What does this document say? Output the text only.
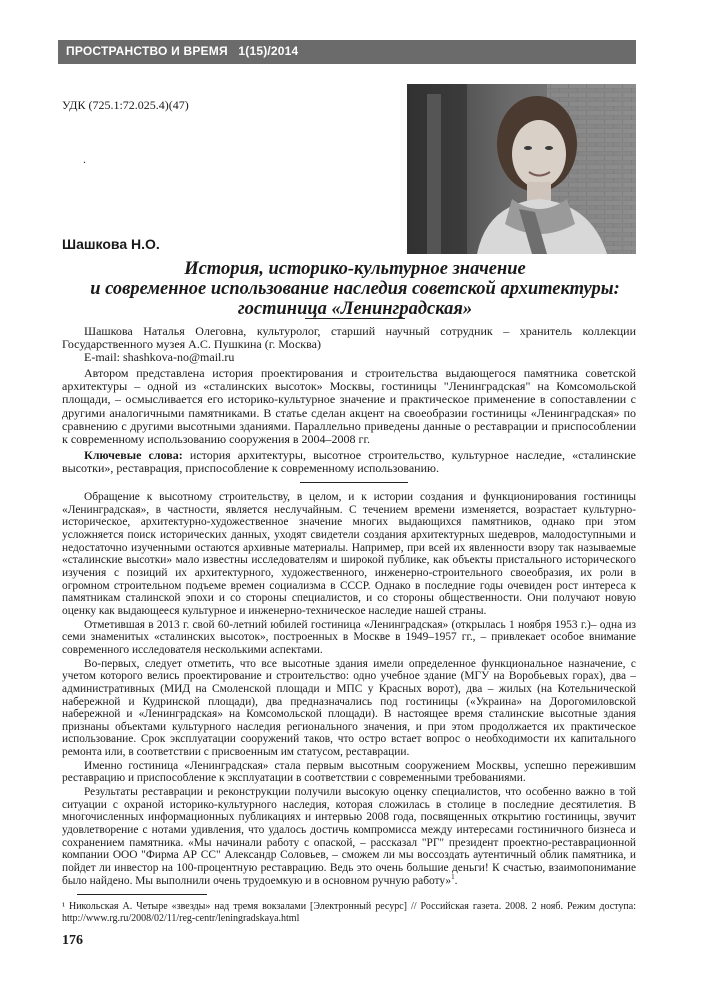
ПРОСТРАНСТВО И ВРЕМЯ   1(15)/2014
УДК (725.1:72.025.4)(47)
.
Шашкова Н.О.
История, историко-культурное значение
и современное использование наследия советской архитектуры:
гостиница «Ленинградская»

Шашкова Наталья Олеговна, культуролог, старший научный сотрудник – хранитель коллекции Государственного музея А.С. Пушкина (г. Москва)

E-mail: shashkova-no@mail.ru

Автором представлена история проектирования и строительства выдающегося памятника советской архитектуры – одной из «сталинских высоток» Москвы, гостиницы "Ленинградская" на Комсомольской площади, – осмысливается его историко-культурное значение и практическое применение в сопоставлении с другими аналогичными памятниками. В статье сделан акцент на своеобразии гостиницы «Ленинградская» по сравнению с другими высотными зданиями. Параллельно приведены данные о реставрации и приспособлении к современному использованию сооружения в 2004–2008 гг.

Ключевые слова: история архитектуры, высотное строительство, культурное наследие, «сталинские высотки», реставрация, приспособление к современному использованию.

Обращение к высотному строительству, в целом, и к истории создания и функционирования гостиницы «Ленинградская», в частности, является неслучайным. С течением времени изменяется, возрастает культурно-историческое, архитектурно-художественное значение многих выдающихся памятников, однако при этом усложняется поиск исторических данных, уходят свидетели создания архитектурных шедевров, малодоступными и недостаточно изученными остаются архивные материалы. Например, при всей их явленности взору так называемые «сталинские высотки» мало известны исследователям и широкой публике, как объекты пристального исторического изучения с позиций их архитектурного, художественного, инженерно-строительного своеобразия, их роли в огромном строительном подъеме времен социализма в СССР. Однако в последние годы очевиден рост интереса к памятникам сталинской эпохи и со стороны специалистов, и со стороны общественности. Они получают новую оценку как выдающееся культурное и инженерно-техническое наследие нашей страны.

Отметившая в 2013 г. свой 60-летний юбилей гостиница «Ленинградская» (открылась 1 ноября 1953 г.)– одна из семи знаменитых «сталинских высоток», построенных в Москве в 1949–1957 гг., – привлекает особое внимание современного исследователя несколькими аспектами.

Во-первых, следует отметить, что все высотные здания имели определенное функциональное назначение, с учетом которого велись проектирование и строительство: одно учебное здание (МГУ на Воробьевых горах), два – административных (МИД на Смоленской площади и МПС у Красных ворот), два – жилых (на Котельнической набережной и Кудринской площади), два предназначались под гостиницы («Украина» на Дорогомиловской набережной и «Ленинградская» на Комсомольской площади). В настоящее время сталинские высотные здания признаны объектами культурного наследия регионального значения, и при этом продолжается их практическое использование. Срок эксплуатации сооружений таков, что остро встает вопрос о необходимости их капитального ремонта или, в соответствии с присвоенным им статусом, реставрации.

Именно гостиница «Ленинградская» стала первым высотным сооружением Москвы, успешно пережившим реставрацию и приспособление к эксплуатации в соответствии с современными требованиями.

Результаты реставрации и реконструкции получили высокую оценку специалистов, что особенно важно в той ситуации с охраной историко-культурного наследия, которая сложилась в столице в последние десятилетия. В многочисленных информационных публикациях и интервью 2008 года, посвященных открытию гостиницы, звучит удовлетворение с нотами удивления, что удалось достичь компромисса между интересами гостиничного бизнеса и сохранением памятника. «Мы начинали работу с опаской, – рассказал "РГ" президент проектно-реставрационной компании ООО "Фирма АР СС" Александр Соловьев, – сможем ли мы воссоздать аутентичный облик памятника, и пойдет ли инвестор на 100-процентную реставрацию. Ведь это очень большие деньги! К счастью, взаимопонимание было найдено. Мы выполнили очень трудоемкую и в основном ручную работу»$^1$.

¹ Никольская А. Четыре «звезды» над тремя вокзалами [Электронный ресурс] // Российская газета. 2008. 2 нояб. Режим доступа: http://www.rg.ru/2008/02/11/reg-centr/leningradskaya.html

176
